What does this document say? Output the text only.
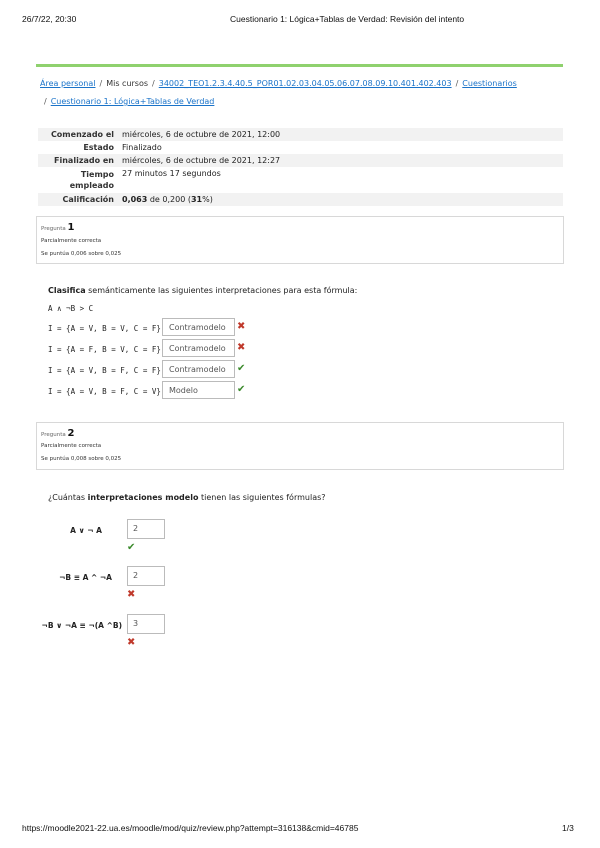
26/7/22, 20:30	Cuestionario 1: Lógica+Tablas de Verdad: Revisión del intento
Área personal / Mis cursos / 34002_TEO1.2.3.4.40.5_POR01.02.03.04.05.06.07.08.09.10.401.402.403 / Cuestionarios
/ Cuestionario 1: Lógica+Tablas de Verdad
Comenzado el	miércoles, 6 de octubre de 2021, 12:00
Estado	Finalizado
Finalizado en	miércoles, 6 de octubre de 2021, 12:27
Tiempo empleado	27 minutos 17 segundos
Calificación	0,063 de 0,200 (31%)
Pregunta 1
Parcialmente correcta
Se puntúa 0,006 sobre 0,025
Clasifica semánticamente las siguientes interpretaciones para esta fórmula:
A ∧ ¬B > C
I = {A = V, B = V, C = F}	Contramodelo	✖
I = {A = F, B = V, C = F}	Contramodelo	✖
I = {A = V, B = F, C = F}	Contramodelo	✔
I = {A = V, B = F, C = V}	Modelo	✔
Pregunta 2
Parcialmente correcta
Se puntúa 0,008 sobre 0,025
¿Cuántas interpretaciones modelo tienen las siguientes fórmulas?
A ∨ ¬ A	2
✔
¬B ≡ A ^ ¬A	2
✖
¬B ∨ ¬A ≡ ¬(A ^B)	3
✖
https://moodle2021-22.ua.es/moodle/mod/quiz/review.php?attempt=316138&cmid=46785	1/3
